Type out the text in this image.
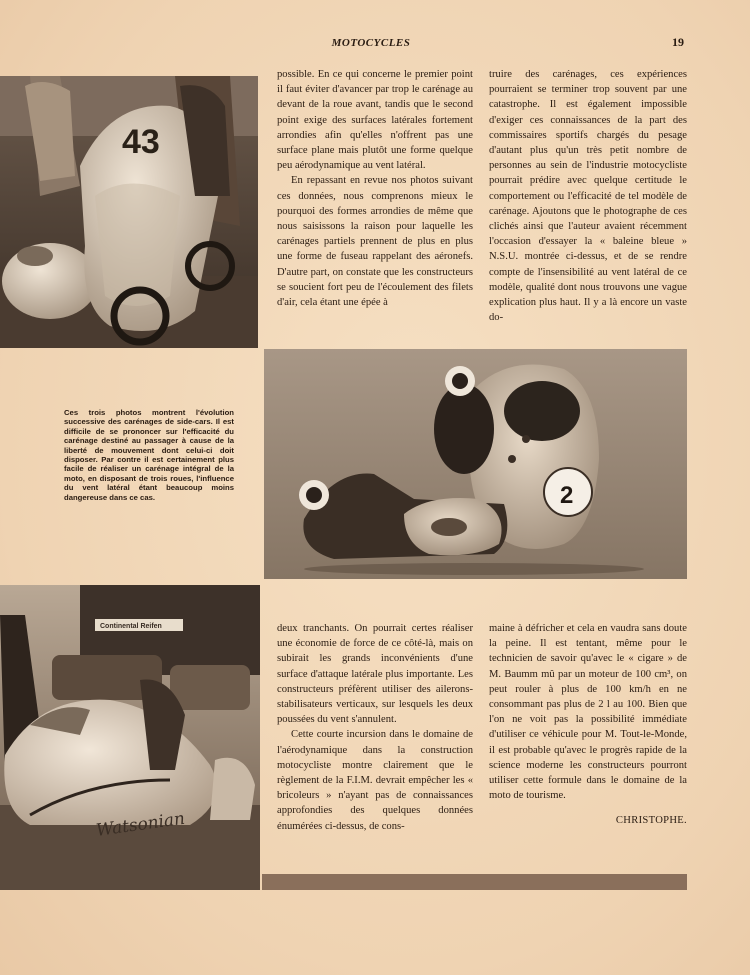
MOTOCYCLES	19
43

possible. En ce qui concerne le premier point il faut éviter d'avancer par trop le carénage au devant de la roue avant, tandis que le second point exige des surfaces latérales fortement arrondies afin qu'elles n'offrent pas une surface plane mais plutôt une forme quelque peu aérodynamique au vent latéral.

En repassant en revue nos photos suivant ces données, nous comprenons mieux le pourquoi des formes arrondies de même que nous saisissons la raison pour laquelle les carénages partiels prennent de plus en plus une forme de fuseau rappelant des aéronefs. D'autre part, on constate que les constructeurs se soucient fort peu de l'écoulement des filets d'air, cela étant une épée à

truire des carénages, ces expériences pourraient se terminer trop souvent par une catastrophe. Il est également impossible d'exiger ces connaissances de la part des commissaires sportifs chargés du pesage d'autant plus qu'un très petit nombre de personnes au sein de l'industrie motocycliste pourrait prédire avec quelque certitude le comportement ou l'efficacité de tel modèle de carénage. Ajoutons que le photographe de ces clichés ainsi que l'auteur avaient récemment l'occasion d'essayer la « baleine bleue » N.S.U. montrée ci-dessus, et de se rendre compte de l'insensibilité au vent latéral de ce modèle, qualité dont nous trouvons une vague explication plus haut. Il y a là encore un vaste do-

Ces trois photos montrent l'évolution successive des carénages de side-cars. Il est difficile de se prononcer sur l'efficacité du carénage destiné au passager à cause de la liberté de mouvement dont celui-ci doit disposer. Par contre il est certainement plus facile de réaliser un carénage intégral de la moto, en disposant de trois roues, l'influence du vent latéral étant beaucoup moins dangereuse dans ce cas.	2
Continental Reifen
Watsonian

deux tranchants. On pourrait certes réaliser une économie de force de ce côté-là, mais on subirait les grands inconvénients d'une surface d'attaque latérale plus importante. Les constructeurs préfèrent utiliser des ailerons-stabilisateurs verticaux, sur lesquels les deux poussées du vent s'annulent.

Cette courte incursion dans le domaine de l'aérodynamique dans la construction motocycliste montre clairement que le règlement de la F.I.M. devrait empêcher les « bricoleurs » n'ayant pas de connaissances approfondies des quelques données énumérées ci-dessus, de cons-

maine à défricher et cela en vaudra sans doute la peine. Il est tentant, même pour le technicien de savoir qu'avec le « cigare » de M. Baumm mû par un moteur de 100 cm³, on peut rouler à plus de 100 km/h en ne consommant pas plus de 2 l au 100. Bien que l'on ne voit pas la possibilité immédiate d'utiliser ce véhicule pour M. Tout-le-Monde, il est probable qu'avec le progrès rapide de la science moderne les constructeurs pourront utiliser cette formule dans le domaine de la moto de tourisme.

CHRISTOPHE.
